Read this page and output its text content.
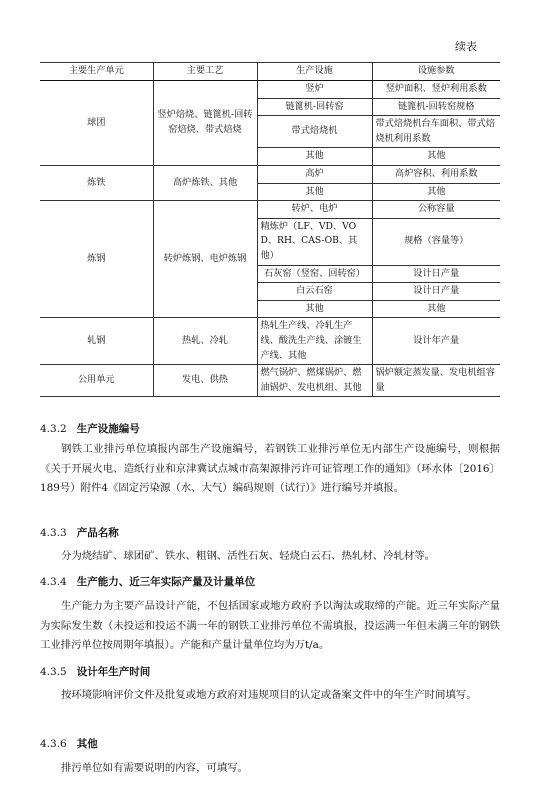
续表
主要生产单元	主要工艺	生产设施	设施参数
球团	竖炉焙烧、链篦机-回转窑焙烧、带式焙烧	竖炉	竖炉面积、竖炉利用系数
		链篦机-回转窑	链篦机-回转窑规格
		带式焙烧机	带式焙烧机台车面积、带式焙烧机利用系数
		其他	其他
炼铁	高炉炼铁、其他	高炉	高炉容积、利用系数
		其他	其他
炼钢	转炉炼钢、电炉炼钢	转炉、电炉	公称容量
		精炼炉（LF、VD、VOD、RH、CAS-OB、其他）	规格（容量等）
		石灰窑（竖窑、回转窑）	设计日产量
		白云石窑	设计日产量
		其他	其他
轧钢	热轧、冷轧	热轧生产线、冷轧生产线、酸洗生产线、涂镀生产线、其他	设计年产量
公用单元	发电、供热	燃气锅炉、燃煤锅炉、燃油锅炉、发电机组、其他	锅炉额定蒸发量、发电机组容量
4.3.2 生产设施编号
钢铁工业排污单位填报内部生产设施编号，若钢铁工业排污单位无内部生产设施编号，则根据《关于开展火电、造纸行业和京津冀试点城市高架源排污许可证管理工作的通知》（环水体〔2016〕189号）附件4《固定污染源（水、大气）编码规则（试行）》进行编号并填报。
4.3.3 产品名称
分为烧结矿、球团矿、铁水、粗钢、活性石灰、轻烧白云石、热轧材、冷轧材等。
4.3.4 生产能力、近三年实际产量及计量单位
生产能力为主要产品设计产能，不包括国家或地方政府予以淘汰或取缔的产能。近三年实际产量为实际发生数（未投运和投运不满一年的钢铁工业排污单位不需填报，投运满一年但未满三年的钢铁工业排污单位按周期年填报）。产能和产量计量单位均为万t/a。
4.3.5 设计年生产时间
按环境影响评价文件及批复或地方政府对违规项目的认定或备案文件中的年生产时间填写。
4.3.6 其他
排污单位如有需要说明的内容，可填写。
